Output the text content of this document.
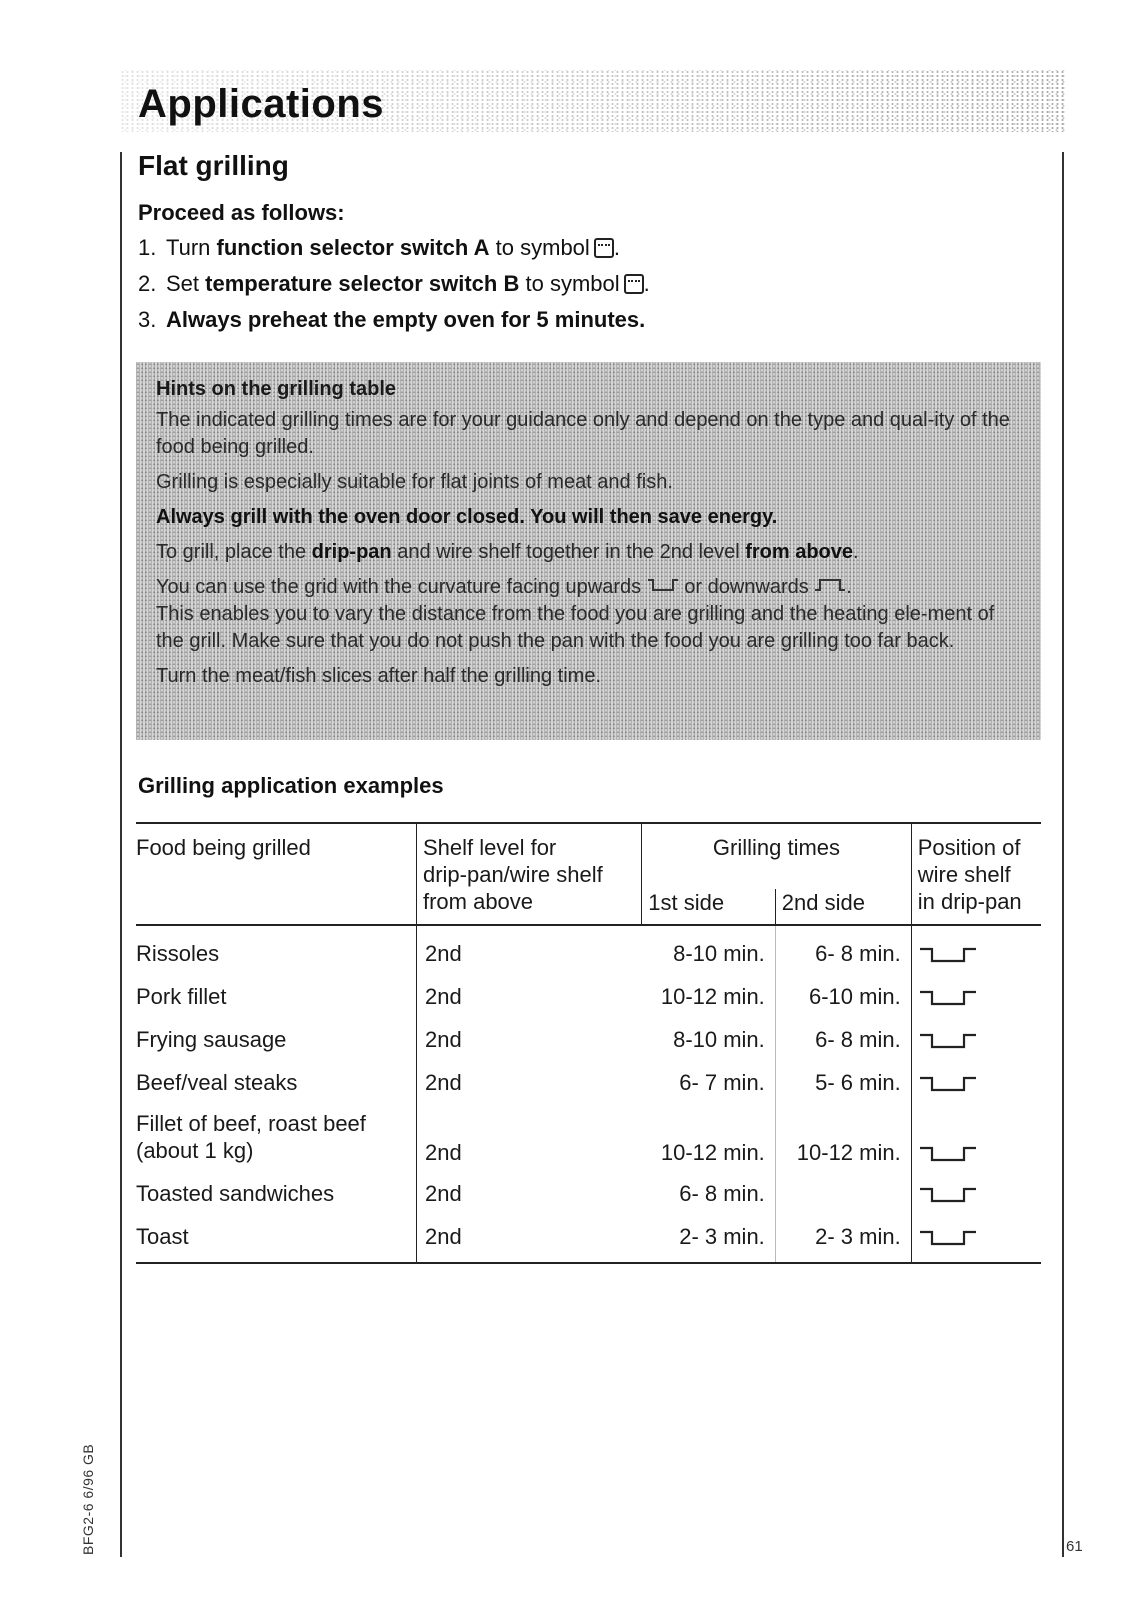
Applications
Flat grilling
Proceed as follows:
1. Turn function selector switch A to symbol .
2. Set temperature selector switch B to symbol .
3. Always preheat the empty oven for 5 minutes.

Hints on the grilling table

The indicated grilling times are for your guidance only and depend on the type and qual-ity of the food being grilled.

Grilling is especially suitable for flat joints of meat and fish.

Always grill with the oven door closed. You will then save energy.

To grill, place the drip-pan and wire shelf together in the 2nd level from above.

You can use the grid with the curvature facing upwards  or downwards .

This enables you to vary the distance from the food you are grilling and the heating ele-ment of the grill. Make sure that you do not push the pan with the food you are grilling too far back.

Turn the meat/fish slices after half the grilling time.

Grilling application examples
Food being grilled	Shelf level for
drip-pan/wire shelf
from above	Grilling times		Position of
wire shelf
in drip-pan
		1st side	2nd side	
Rissoles	2nd	8-10 min.	6- 8 min.	
Pork fillet	2nd	10-12 min.	6-10 min.	
Frying sausage	2nd	8-10 min.	6- 8 min.	
Beef/veal steaks	2nd	6- 7 min.	5- 6 min.	
Fillet of beef, roast beef
(about 1 kg)	2nd	10-12 min.	10-12 min.	
Toasted sandwiches	2nd	6- 8 min.		
Toast	2nd	2- 3 min.	2- 3 min.	
BFG2-6 6/96 GB	61
